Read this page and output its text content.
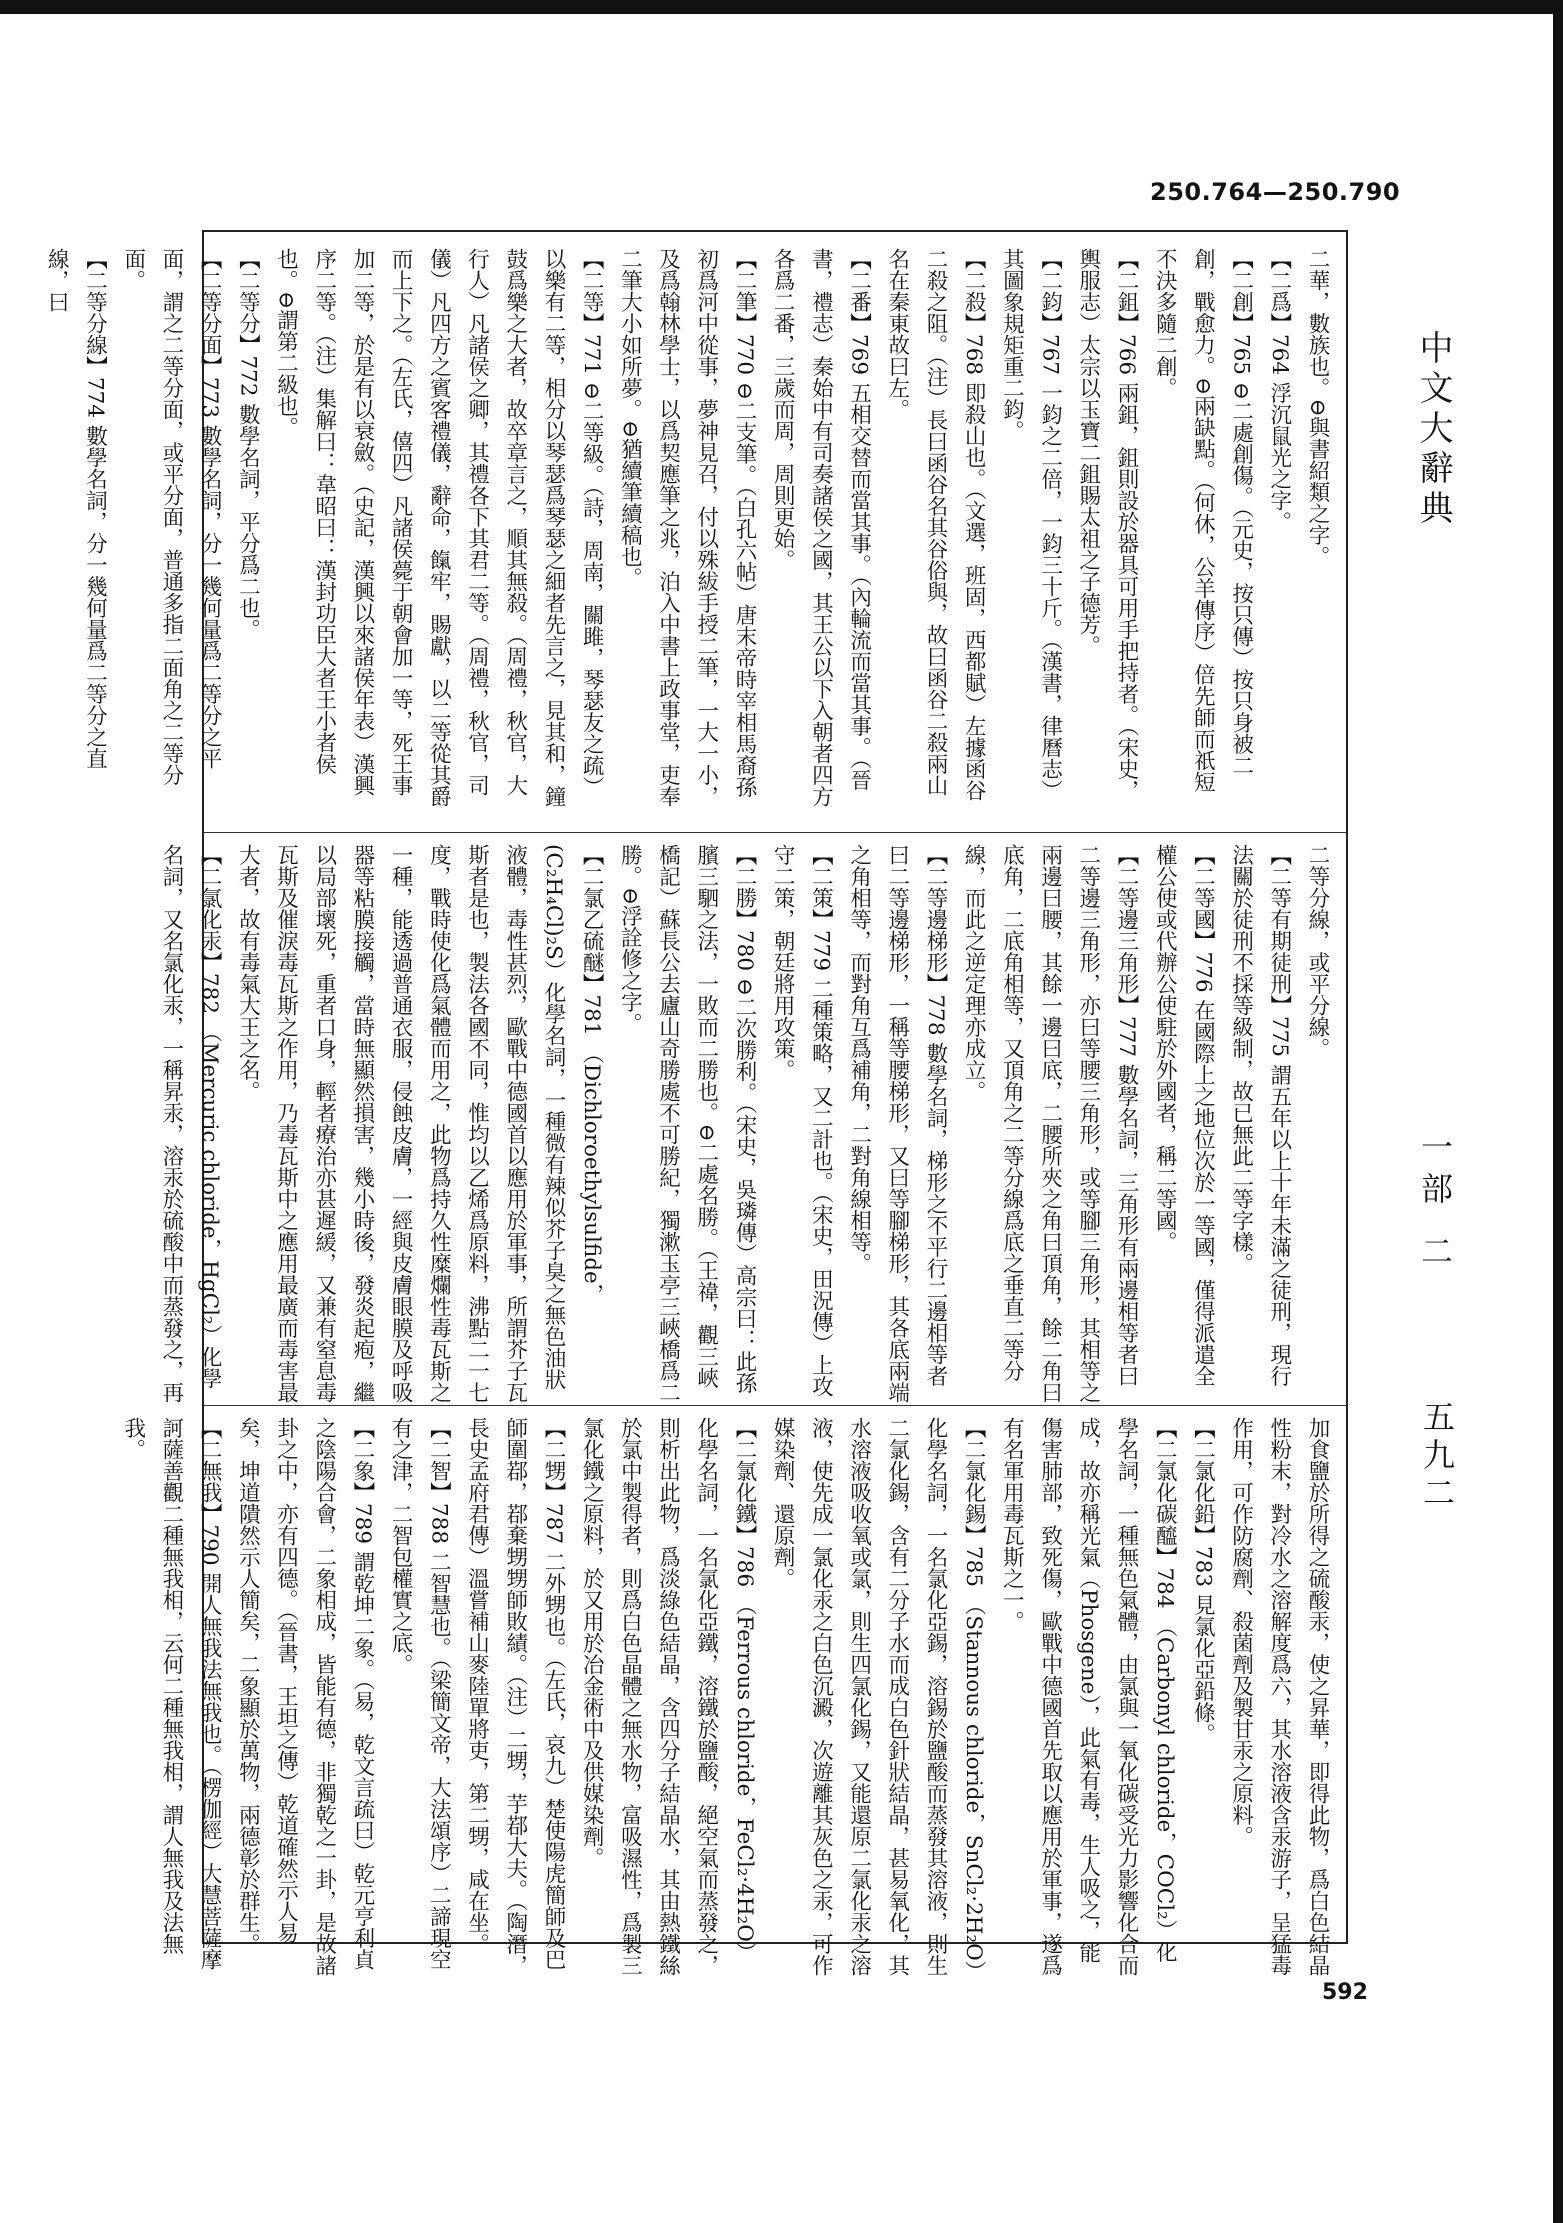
250.764—250.790
二華，數族也。⊖與書紹類之字。
【二爲】764 浮沉鼠光之字。
【二創】765 ⊖二處創傷。（元史，按只傳）按只身被二創，戰愈力。⊖兩缺點。（何休，公羊傳序）倍先師而祇短不決多隨二創。
【二鉏】766 兩鉏，鉏則設於器具可用手把持者。（宋史，輿服志）太宗以玉寶二鉏賜太祖之子德芳。
【二鈞】767 一鈞之二倍，一鈞三十斤。（漢書，律曆志）其圖象規矩重二鈞。
【二殺】768 即殺山也。（文選，班固，西都賦）左據函谷二殺之阻。（注）長曰函谷名其谷俗與，故曰函谷二殺兩山名在秦東故曰左。
【二番】769 五相交替而當其事。（內輪流而當其事。（晉書，禮志）秦始中有司奏諸侯之國，其王公以下入朝者四方各爲二番，三歲而周，周則更始。
【二筆】770 ⊖二支筆。（白孔六帖）唐末帝時宰相馬裔孫初爲河中從事，夢神見召，付以殊紱手授二筆，一大一小，及爲翰林學士，以爲契應筆之兆，泊入中書上政事堂，吏奉二筆大小如所夢。⊖猶續筆續稿也。
【二等】771 ⊖二等級。（詩，周南，關雎，琴瑟友之疏）以樂有二等，相分以琴瑟爲琴瑟之細者先言之，見其和，鐘鼓爲樂之大者，故卒章言之，順其無殺。（周禮，秋官，大行人）凡諸侯之卿，其禮各下其君二等。（周禮，秋官，司儀）凡四方之賓客禮儀，辭命，餼牢，賜獻，以二等從其爵而上下之。（左氏，僖四）凡諸侯薨于朝會加一等，死王事加二等，於是有以衰斂。（史記，漢興以來諸侯年表）漢興序二等。（注）集解曰：韋昭曰：漢封功臣大者王小者侯也。⊖謂第二級也。
【二等分】772 數學名詞，平分爲二也。
【二等分面】773 數學名詞，分一幾何量爲二等分之平面，謂之二等分面，或平分面，普通多指二面角之二等分面。
【二等分線】774 數學名詞，分一幾何量爲二等分之直線，曰
二等分線，或平分線。
【二等有期徒刑】775 謂五年以上十年未滿之徒刑，現行法關於徒刑不採等級制，故已無此二等字樣。
【二等國】776 在國際上之地位次於一等國，僅得派遣全權公使或代辦公使駐於外國者，稱二等國。
【二等邊三角形】777 數學名詞，三角形有兩邊相等者曰二等邊三角形，亦曰等腰三角形，或等腳三角形，其相等之兩邊曰腰，其餘一邊曰底，二腰所夾之角曰頂角，餘二角曰底角，二底角相等，又頂角之二等分線爲底之垂直二等分線，而此之逆定理亦成立。
【二等邊梯形】778 數學名詞，梯形之不平行二邊相等者曰二等邊梯形，一稱等腰梯形，又曰等腳梯形，其各底兩端之角相等，而對角互爲補角，二對角線相等。
【二策】779 二種策略，又二計也。（宋史，田況傳）上攻守二策，朝廷將用攻策。
【二勝】780 ⊖二次勝利。（宋史，吳璘傳）高宗曰：此孫臏三駟之法，一敗而二勝也。⊖二處名勝。（王禕，觀三峽橋記）蘇長公去廬山奇勝處不可勝紀，獨漱玉亭三峽橋爲二勝。⊖浮詮修之字。
【二氯乙硫醚】781 （Dichloroethylsulfide，(C₂H₄Cl)₂S）化學名詞，一種微有辣似芥子臭之無色油狀液體，毒性甚烈，歐戰中德國首以應用於軍事，所謂芥子瓦斯者是也，製法各國不同，惟均以乙烯爲原料，沸點二一七度，戰時使化爲氣體而用之，此物爲持久性糜爛性毒瓦斯之一種，能透過普通衣服，侵蝕皮膚，一經與皮膚眼膜及呼吸器等粘膜接觸，當時無顯然損害，幾小時後，發炎起疱，繼以局部壞死，重者口身，輕者療治亦甚遲緩，又兼有窒息毒瓦斯及催淚毒瓦斯之作用，乃毒瓦斯中之應用最廣而毒害最大者，故有毒氣大王之名。
【二氯化汞】782 （Mercuric chloride，HgCl₂）化學名詞，又名氯化汞，一稱昇汞，溶汞於硫酸中而蒸發之，再
加食鹽於所得之硫酸汞，使之昇華，即得此物，爲白色結晶性粉末，對冷水之溶解度爲六，其水溶液含汞游子，呈猛毒作用，可作防腐劑、殺菌劑及製甘汞之原料。
【二氯化鉛】783 見氯化亞鉛條。
【二氯化碳醯】784 （Carbonyl chloride，COCl₂）化學名詞，一種無色氣體，由氯與一氧化碳受光力影響化合而成，故亦稱光氣（Phosgene），此氣有毒，生人吸之，能傷害肺部，致死傷，歐戰中德國首先取以應用於軍事，遂爲有名軍用毒瓦斯之一。
【二氯化錫】785 （Stannous chloride，SnCl₂·2H₂O）化學名詞，一名氯化亞錫，溶錫於鹽酸而蒸發其溶液，則生二氯化錫，含有二分子水而成白色針狀結晶，甚易氧化，其水溶液吸收氧或氯，則生四氯化錫，又能還原二氯化汞之溶液，使先成一氯化汞之白色沉澱，次遊離其灰色之汞，可作媒染劑、還原劑。
【二氯化鐵】786 （Ferrous chloride，FeCl₂·4H₂O）化學名詞，一名氯化亞鐵，溶鐵於鹽酸，絕空氣而蒸發之，則析出此物，爲淡綠色結晶，含四分子結晶水，其由熱鐵絲於氯中製得者，則爲白色晶體之無水物，富吸濕性，爲製三氯化鐵之原料，於又用於冶金術中及供媒染劑。
【二甥】787 二外甥也。（左氏，哀九）楚使陽虎簡師及巴師圍鄀，鄀棄甥甥師敗績。（注）二甥，芋鄀大夫。（陶潛，長史孟府君傳）溫嘗補山麥陸單將吏，第二甥，咸在坐。
【二智】788 二智慧也。（梁簡文帝，大法頌序）二諦現空有之津，二智包權實之底。
【二象】789 謂乾坤二象。（易，乾文言疏曰）乾元亨利貞之陰陽合會，二象相成，皆能有德，非獨乾之一卦，是故諸卦之中，亦有四德。（晉書，王坦之傳）乾道確然示人易矣，坤道隤然示人簡矣，二象顯於萬物，兩德彰於群生。
【二無我】790 開人無我法無我也。（楞伽經）大慧菩薩摩訶薩善觀二種無我相，云何二種無我相，謂人無我及法無我。
中文大辭典
一部 二
五九二
592
